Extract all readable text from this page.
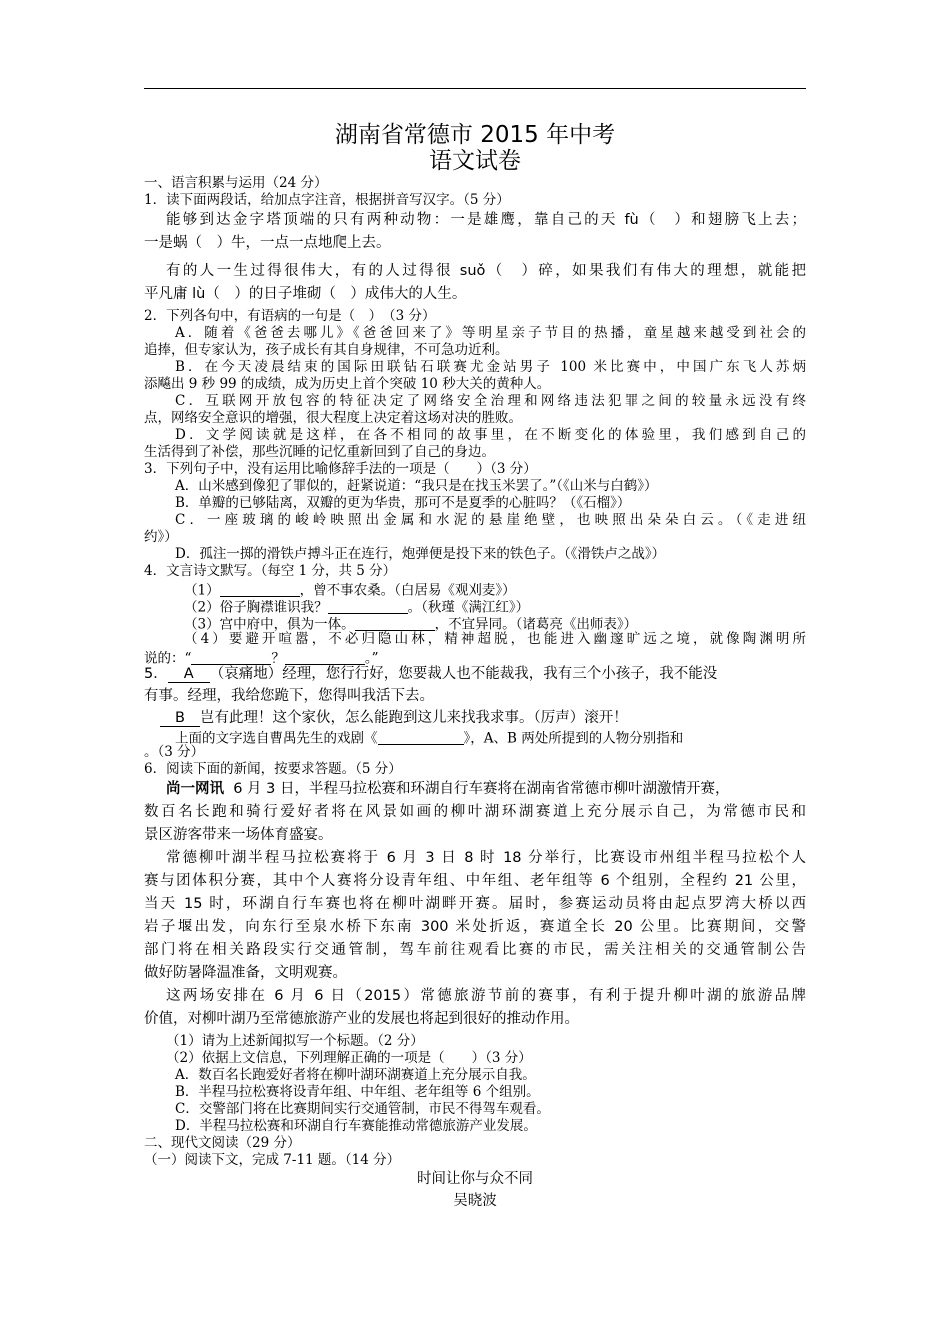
湖南省常德市 2015 年中考
语文试卷
一、语言积累与运用（24 分）
1．读下面两段话，给加点字注音，根据拼音写汉字。（5 分）
能够到达金字塔顶端的只有两种动物：一是雄鹰，靠自己的天 fù（　）和翅膀飞上去；
一是蜗（　）牛，一点一点地爬上去。
有的人一生过得很伟大，有的人过得很 suǒ（　）碎，如果我们有伟大的理想，就能把
平凡庸 lù（　）的日子堆砌（　）成伟大的人生。
2．下列各句中，有语病的一句是（　）　（3 分）
A．随着《爸爸去哪儿》《爸爸回来了》等明星亲子节目的热播，童星越来越受到社会的
追捧，但专家认为，孩子成长有其自身规律，不可急功近利。
B．在今天凌晨结束的国际田联钻石联赛尤金站男子 100 米比赛中，中国广东飞人苏炳
添飚出 9 秒 99 的成绩，成为历史上首个突破 10 秒大关的黄种人。
C．互联网开放包容的特征决定了网络安全治理和网络违法犯罪之间的较量永远没有终
点，网络安全意识的增强，很大程度上决定着这场对决的胜败。
D．文学阅读就是这样，在各不相同的故事里，在不断变化的体验里，我们感到自己的
生活得到了补偿，那些沉睡的记忆重新回到了自己的身边。
3．下列句子中，没有运用比喻修辞手法的一项是（　　）（3 分）
A．山米感到像犯了罪似的，赶紧说道：“我只是在找玉米罢了。”（《山米与白鹤》）
B．单瓣的已够陆离，双瓣的更为华贵，那可不是夏季的心脏吗？（《石榴》）
C．一座玻璃的峻岭映照出金属和水泥的悬崖绝壁，也映照出朵朵白云。（《走进纽
约》）
D．孤注一掷的滑铁卢搏斗正在连行，炮弹便是投下来的铁色子。（《滑铁卢之战》）
4．文言诗文默写。（每空 1 分，共 5 分）
（1）	，曾不事农桑。（白居易《观刈麦》）
（2）俗子胸襟谁识我？	。（秋瑾《满江红》）
（3）宫中府中，俱为一体。	，不宜异同。（诸葛亮《出师表》）
（4）要避开喧嚣，不必归隐山林，精神超脱，也能进入幽邃旷远之境，就像陶渊明所
说的：“	？	。”
5． A （哀痛地）经理，您行行好，您要裁人也不能裁我，我有三个小孩子，我不能没
有事。经理，我给您跪下，您得叫我活下去。
B 岂有此理！这个家伙，怎么能跑到这儿来找我求事。（厉声）滚开！
上面的文字选自曹禺先生的戏剧《	》，A、B 两处所提到的人物分别指和
。（3 分）
6．阅读下面的新闻，按要求答题。（5 分）
尚一网讯 6 月 3 日，半程马拉松赛和环湖自行车赛将在湖南省常德市柳叶湖激情开赛，
数百名长跑和骑行爱好者将在风景如画的柳叶湖环湖赛道上充分展示自己，为常德市民和
景区游客带来一场体育盛宴。
常德柳叶湖半程马拉松赛将于 6 月 3 日 8 时 18 分举行，比赛设市州组半程马拉松个人
赛与团体积分赛，其中个人赛将分设青年组、中年组、老年组等 6 个组别，全程约 21 公里，
当天 15 时，环湖自行车赛也将在柳叶湖畔开赛。届时，参赛运动员将由起点罗湾大桥以西
岩子堰出发，向东行至泉水桥下东南 300 米处折返，赛道全长 20 公里。比赛期间，交警
部门将在相关路段实行交通管制，驾车前往观看比赛的市民，需关注相关的交通管制公告
做好防暑降温准备，文明观赛。
这两场安排在 6 月 6 日（2015）常德旅游节前的赛事，有利于提升柳叶湖的旅游品牌
价值，对柳叶湖乃至常德旅游产业的发展也将起到很好的推动作用。
（1）请为上述新闻拟写一个标题。（2 分）
（2）依据上文信息，下列理解正确的一项是（　　）（3 分）
A．数百名长跑爱好者将在柳叶湖环湖赛道上充分展示自我。
B．半程马拉松赛将设青年组、中年组、老年组等 6 个组别。
C．交警部门将在比赛期间实行交通管制，市民不得驾车观看。
D．半程马拉松赛和环湖自行车赛能推动常德旅游产业发展。
二、现代文阅读（29 分）
（一）阅读下文，完成 7-11 题。（14 分）
时间让你与众不同
吴晓波
